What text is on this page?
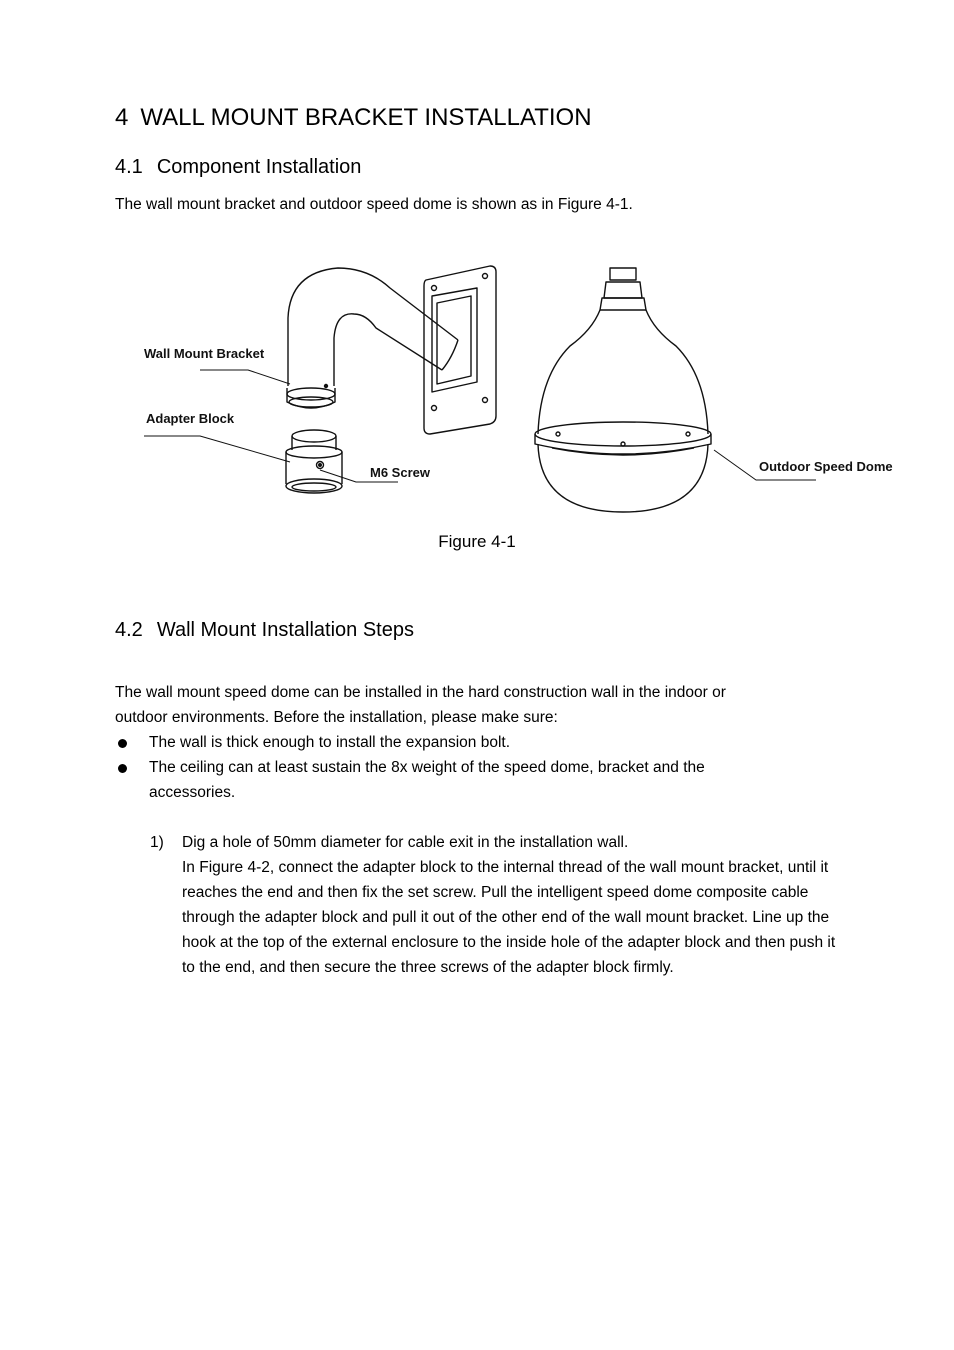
4 WALL MOUNT BRACKET INSTALLATION
4.1 Component Installation

The wall mount bracket and outdoor speed dome is shown as in Figure 4-1.

Wall Mount Bracket
Adapter Block
M6 Screw	Outdoor Speed Dome
Figure 4-1
4.2 Wall Mount Installation Steps

The wall mount speed dome can be installed in the hard construction wall in the indoor or

outdoor environments. Before the installation, please make sure:

The wall is thick enough to install the expansion bolt.
The ceiling can at least sustain the 8x weight of the speed dome, bracket and the accessories.
1) Dig a hole of 50mm diameter for cable exit in the installation wall.

In Figure 4-2, connect the adapter block to the internal thread of the wall mount bracket, until it reaches the end and then fix the set screw. Pull the intelligent speed dome composite cable through the adapter block and pull it out of the other end of the wall mount bracket. Line up the hook at the top of the external enclosure to the inside hole of the adapter block and then push it to the end, and then secure the three screws of the adapter block firmly.
